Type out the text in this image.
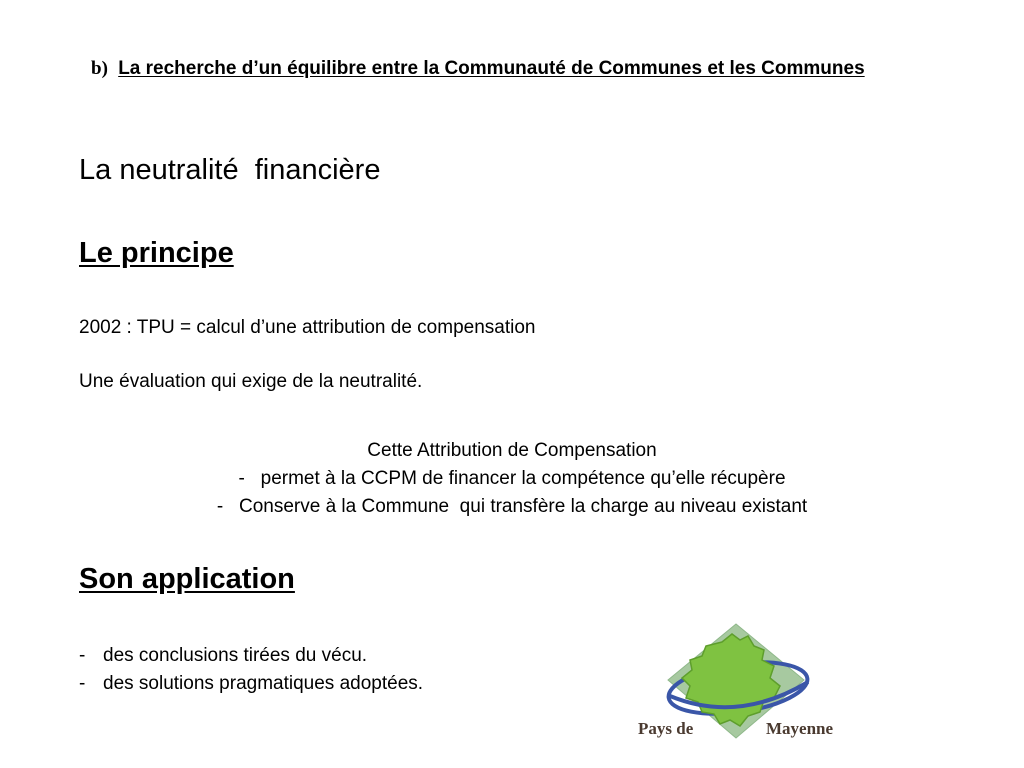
b) La recherche d’un équilibre entre la Communauté de Communes et les Communes
La neutralité  financière
Le principe
2002 : TPU = calcul d’une attribution de compensation
Une évaluation qui exige de la neutralité.
Cette Attribution de Compensation
-   permet à la CCPM de financer la compétence qu’elle récupère
-   Conserve à la Commune  qui transfère la charge au niveau existant
Son application
- des conclusions tirées du vécu.
- des solutions pragmatiques adoptées.
Pays de	Mayenne
